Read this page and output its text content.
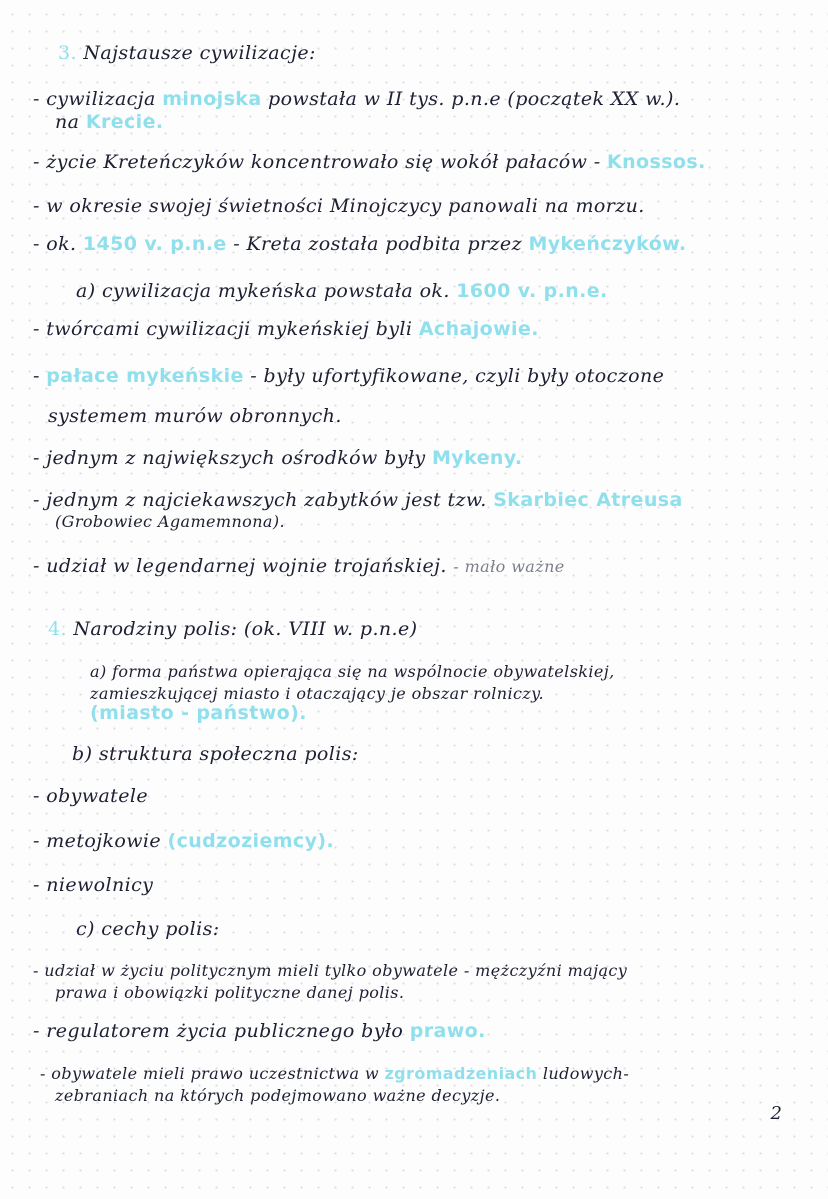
3. Najstausze cywilizacje:
- cywilizacja minojska powstała w II tys. p.n.e (początek XX w.).
na Krecie.
- życie Kreteńczyków koncentrowało się wokół pałaców - Knossos.
- w okresie swojej świetności Minojczycy panowali na morzu.
- ok. 1450 v. p.n.e - Kreta została podbita przez Mykeńczyków.
a) cywilizacja mykeńska powstała ok. 1600 v. p.n.e.
- twórcami cywilizacji mykeńskiej byli Achajowie.
- pałace mykeńskie - były ufortyfikowane, czyli były otoczone
systemem murów obronnych.
- jednym z największych ośrodków były Mykeny.
- jednym z najciekawszych zabytków jest tzw. Skarbiec Atreusa
(Grobowiec Agamemnona).
- udział w legendarnej wojnie trojańskiej. - mało ważne
4. Narodziny polis: (ok. VIII w. p.n.e)
a) forma państwa opierająca się na wspólnocie obywatelskiej,
zamieszkującej miasto i otaczający je obszar rolniczy.
(miasto - państwo).
b) struktura społeczna polis:
- obywatele
- metojkowie (cudzoziemcy).
- niewolnicy
c) cechy polis:
- udział w życiu politycznym mieli tylko obywatele - mężczyźni mający
prawa i obowiązki polityczne danej polis.
- regulatorem życia publicznego było prawo.
- obywatele mieli prawo uczestnictwa w zgromadzeniach ludowych-
zebraniach na których podejmowano ważne decyzje.
2
